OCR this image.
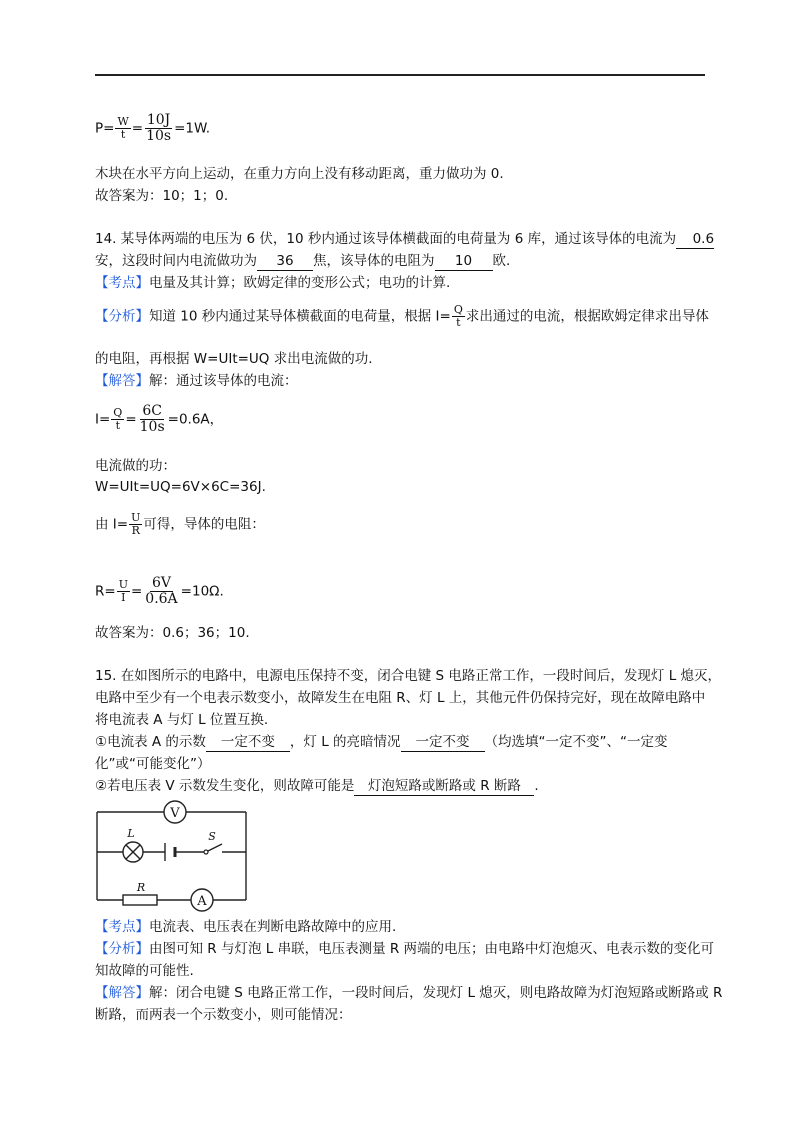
$P= \frac{W}{t} = \frac{10J}{10s} =1W$.
木块在水平方向上运动，在重力方向上没有移动距离，重力做功为 0.
故答案为：10；1；0.
14. 某导体两端的电压为 6 伏，10 秒内通过该导体横截面的电荷量为 6 库，通过该导体的电流为 0.6
安，这段时间内电流做功为 36 焦，该导体的电阻为 10 欧.
【考点】电量及其计算；欧姆定律的变形公式；电功的计算.
【分析】知道 10 秒内通过某导体横截面的电荷量，根据 $I= \frac{Q}{t}$ 求出通过的电流，根据欧姆定律求出导体
的电阻，再根据 W=UIt=UQ 求出电流做的功.
【解答】解：通过该导体的电流：
$I= \frac{Q}{t} = \frac{6C}{10s} =0.6A$，
电流做的功：
W=UIt=UQ=6V×6C=36J.
由 $I= \frac{U}{R}$ 可得，导体的电阻：
$R= \frac{U}{I} = \frac{6V}{0.6A} =10\Omega$.
故答案为：0.6；36；10.
15. 在如图所示的电路中，电源电压保持不变，闭合电键 S 电路正常工作，一段时间后，发现灯 L 熄灭，
电路中至少有一个电表示数变小，故障发生在电阻 R、灯 L 上，其他元件仍保持完好，现在故障电路中
将电流表 A 与灯 L 位置互换.
①电流表 A 的示数 一定不变 ，灯 L 的亮暗情况 一定不变 （均选填“一定不变”、“一定变
化”或“可能变化”）
②若电压表 V 示数发生变化，则故障可能是 灯泡短路或断路或 R 断路 .
V
A
L	S
R
【考点】电流表、电压表在判断电路故障中的应用.
【分析】由图可知 R 与灯泡 L 串联，电压表测量 R 两端的电压；由电路中灯泡熄灭、电表示数的变化可
知故障的可能性.
【解答】解：闭合电键 S 电路正常工作，一段时间后，发现灯 L 熄灭，则电路故障为灯泡短路或断路或 R
断路，而两表一个示数变小，则可能情况：
